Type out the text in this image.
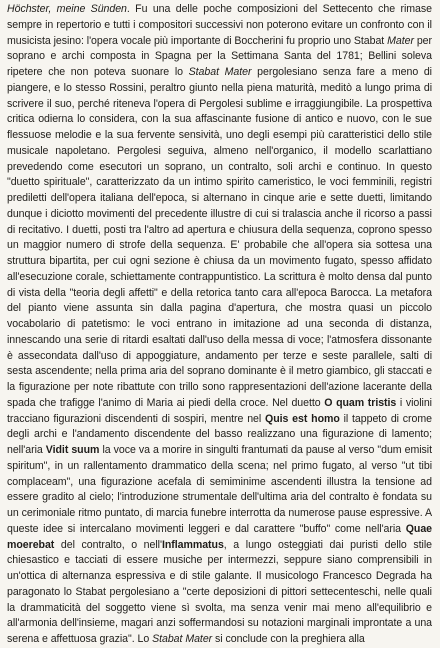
Höchster, meine Sünden. Fu una delle poche composizioni del Settecento che rimase sempre in repertorio e tutti i compositori successivi non poterono evitare un confronto con il musicista jesino: l'opera vocale più importante di Boccherini fu proprio uno Stabat Mater per soprano e archi composta in Spagna per la Settimana Santa del 1781; Bellini soleva ripetere che non poteva suonare lo Stabat Mater pergolesiano senza fare a meno di piangere, e lo stesso Rossini, peraltro giunto nella piena maturità, meditò a lungo prima di scrivere il suo, perché riteneva l'opera di Pergolesi sublime e irraggiungibile. La prospettiva critica odierna lo considera, con la sua affascinante fusione di antico e nuovo, con le sue flessuose melodie e la sua fervente sensività, uno degli esempi più caratteristici dello stile musicale napoletano. Pergolesi seguiva, almeno nell'organico, il modello scarlattiano prevedendo come esecutori un soprano, un contralto, soli archi e continuo. In questo "duetto spirituale", caratterizzato da un intimo spirito cameristico, le voci femminili, registri prediletti dell'opera italiana dell'epoca, si alternano in cinque arie e sette duetti, limitando dunque i diciotto movimenti del precedente illustre di cui si tralascia anche il ricorso a passi di recitativo. I duetti, posti tra l'altro ad apertura e chiusura della sequenza, coprono spesso un maggior numero di strofe della sequenza. E' probabile che all'opera sia sottesa una struttura bipartita, per cui ogni sezione è chiusa da un movimento fugato, spesso affidato all'esecuzione corale, schiettamente contrappuntistico. La scrittura è molto densa dal punto di vista della "teoria degli affetti" e della retorica tanto cara all'epoca Barocca. La metafora del pianto viene assunta sin dalla pagina d'apertura, che mostra quasi un piccolo vocabolario di patetismo: le voci entrano in imitazione ad una seconda di distanza, innescando una serie di ritardi esaltati dall'uso della messa di voce; l'atmosfera dissonante è assecondata dall'uso di appoggiature, andamento per terze e seste parallele, salti di sesta ascendente; nella prima aria del soprano dominante è il metro giambico, gli staccati e la figurazione per note ribattute con trillo sono rappresentazioni dell'azione lacerante della spada che trafigge l'animo di Maria ai piedi della croce. Nel duetto O quam tristis i violini tracciano figurazioni discendenti di sospiri, mentre nel Quis est homo il tappeto di crome degli archi e l'andamento discendente del basso realizzano una figurazione di lamento; nell'aria Vidit suum la voce va a morire in singulti frantumati da pause al verso "dum emisit spiritum", in un rallentamento drammatico della scena; nel primo fugato, al verso "ut tibi complaceam", una figurazione acefala di semiminime ascendenti illustra la tensione ad essere gradito al cielo; l'introduzione strumentale dell'ultima aria del contralto è fondata su un cerimoniale ritmo puntato, di marcia funebre interrotta da numerose pause espressive. A queste idee si intercalano movimenti leggeri e dal carattere "buffo" come nell'aria Quae moerebat del contralto, o nell'Inflammatus, a lungo osteggiati dai puristi dello stile chiesastico e tacciati di essere musiche per intermezzi, seppure siano comprensibili in un'ottica di alternanza espressiva e di stile galante. Il musicologo Francesco Degrada ha paragonato lo Stabat pergolesiano a "certe deposizioni di pittori settecenteschi, nelle quali la drammaticità del soggetto viene sì svolta, ma senza venir mai meno all'equilibrio e all'armonia dell'insieme, magari anzi soffermandosi su notazioni marginali improntate a una serena e affettuosa grazia". Lo Stabat Mater si conclude con la preghiera alla
